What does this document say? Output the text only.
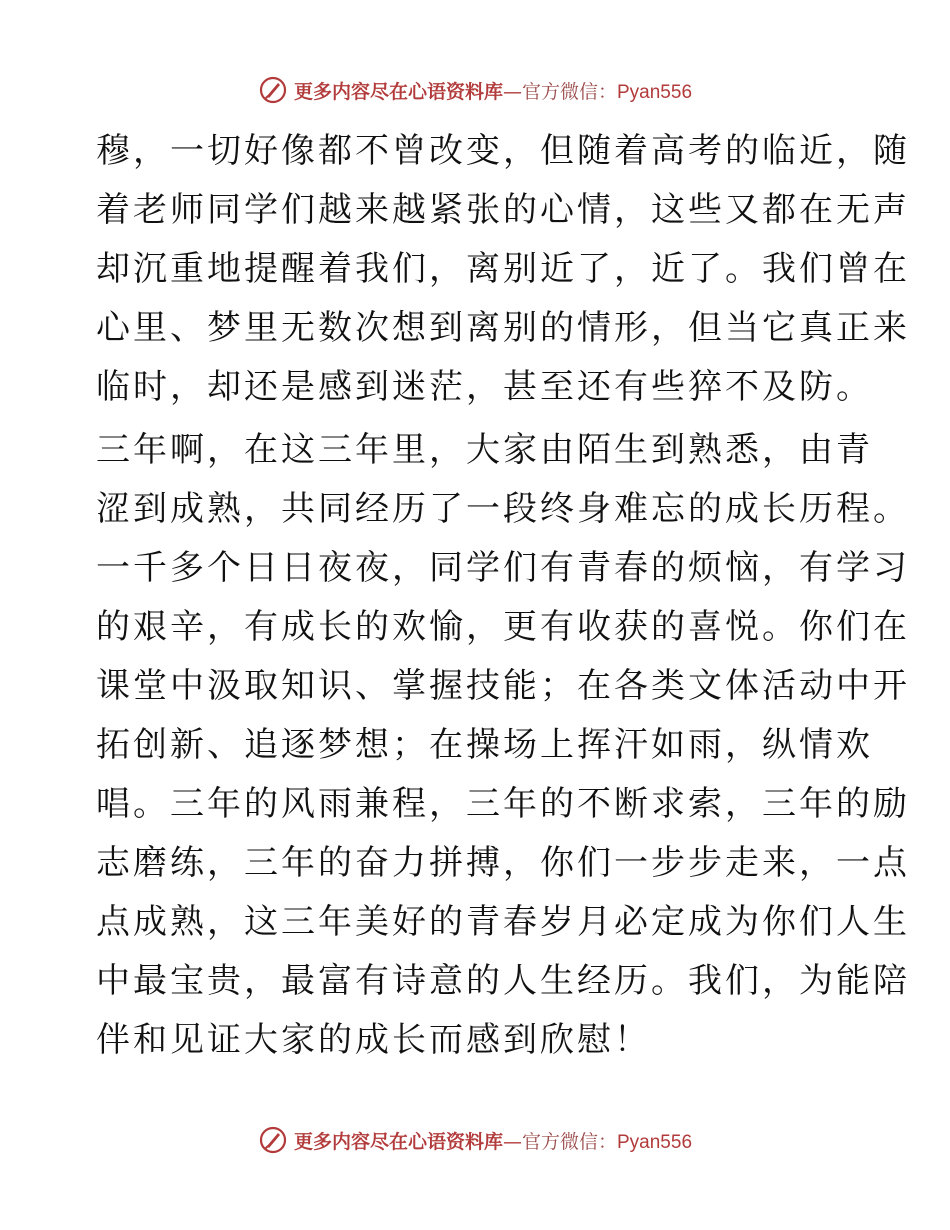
更多内容尽在心语资料库 — 官方微信： Pyan556
穆，一切好像都不曾改变，但随着高考的临近，随
着老师同学们越来越紧张的心情，这些又都在无声
却沉重地提醒着我们，离别近了，近了。我们曾在
心里、梦里无数次想到离别的情形，但当它真正来
临时，却还是感到迷茫，甚至还有些猝不及防。
三年啊，在这三年里，大家由陌生到熟悉，由青
涩到成熟，共同经历了一段终身难忘的成长历程。
一千多个日日夜夜，同学们有青春的烦恼，有学习
的艰辛，有成长的欢愉，更有收获的喜悦。你们在
课堂中汲取知识、掌握技能；在各类文体活动中开
拓创新、追逐梦想；在操场上挥汗如雨，纵情欢
唱。三年的风雨兼程，三年的不断求索，三年的励
志磨练，三年的奋力拼搏，你们一步步走来，一点
点成熟，这三年美好的青春岁月必定成为你们人生
中最宝贵，最富有诗意的人生经历。我们，为能陪
伴和见证大家的成长而感到欣慰！
更多内容尽在心语资料库 — 官方微信： Pyan556
